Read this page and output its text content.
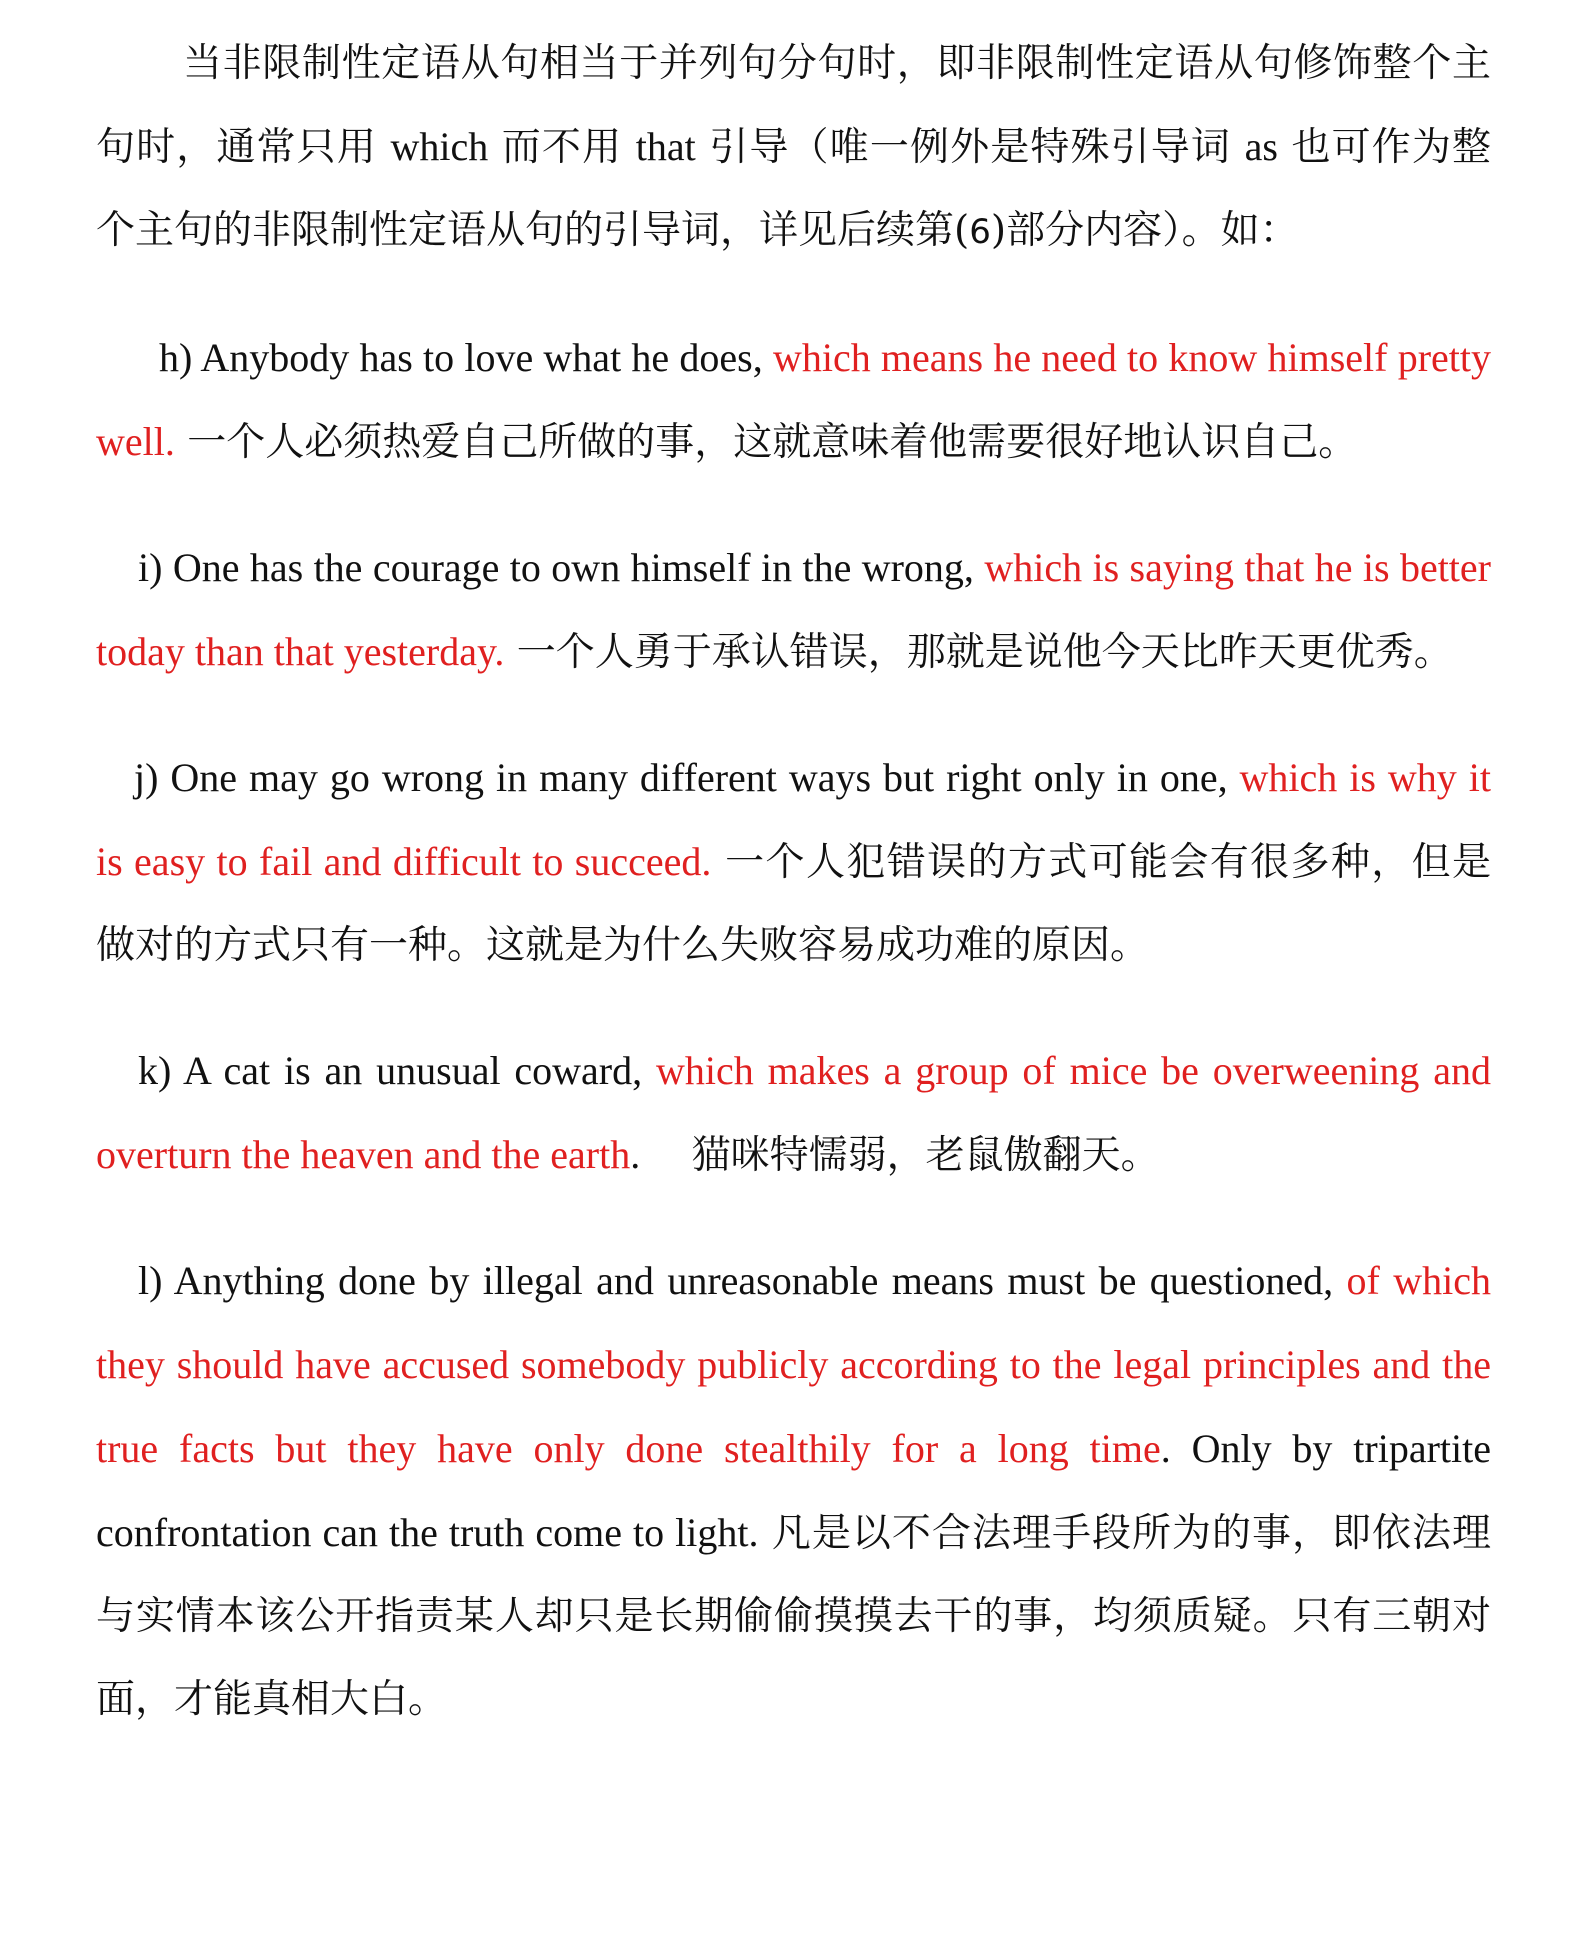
当非限制性定语从句相当于并列句分句时，即非限制性定语从句修饰整个主句时，通常只用 which 而不用 that 引导（唯一例外是特殊引导词 as 也可作为整个主句的非限制性定语从句的引导词，详见后续第(6)部分内容）。如：

h) Anybody has to love what he does, which means he need to know himself pretty well. 一个人必须热爱自己所做的事，这就意味着他需要很好地认识自己。

i) One has the courage to own himself in the wrong, which is saying that he is better today than that yesterday. 一个人勇于承认错误，那就是说他今天比昨天更优秀。

j) One may go wrong in many different ways but right only in one, which is why it is easy to fail and difficult to succeed. 一个人犯错误的方式可能会有很多种，但是做对的方式只有一种。这就是为什么失败容易成功难的原因。

k) A cat is an unusual coward, which makes a group of mice be overweening and overturn the heaven and the earth.　 猫咪特懦弱，老鼠傲翻天。

l) Anything done by illegal and unreasonable means must be questioned, of which they should have accused somebody publicly according to the legal principles and the true facts but they have only done stealthily for a long time. Only by tripartite confrontation can the truth come to light. 凡是以不合法理手段所为的事，即依法理与实情本该公开指责某人却只是长期偷偷摸摸去干的事，均须质疑。只有三朝对面，才能真相大白。
